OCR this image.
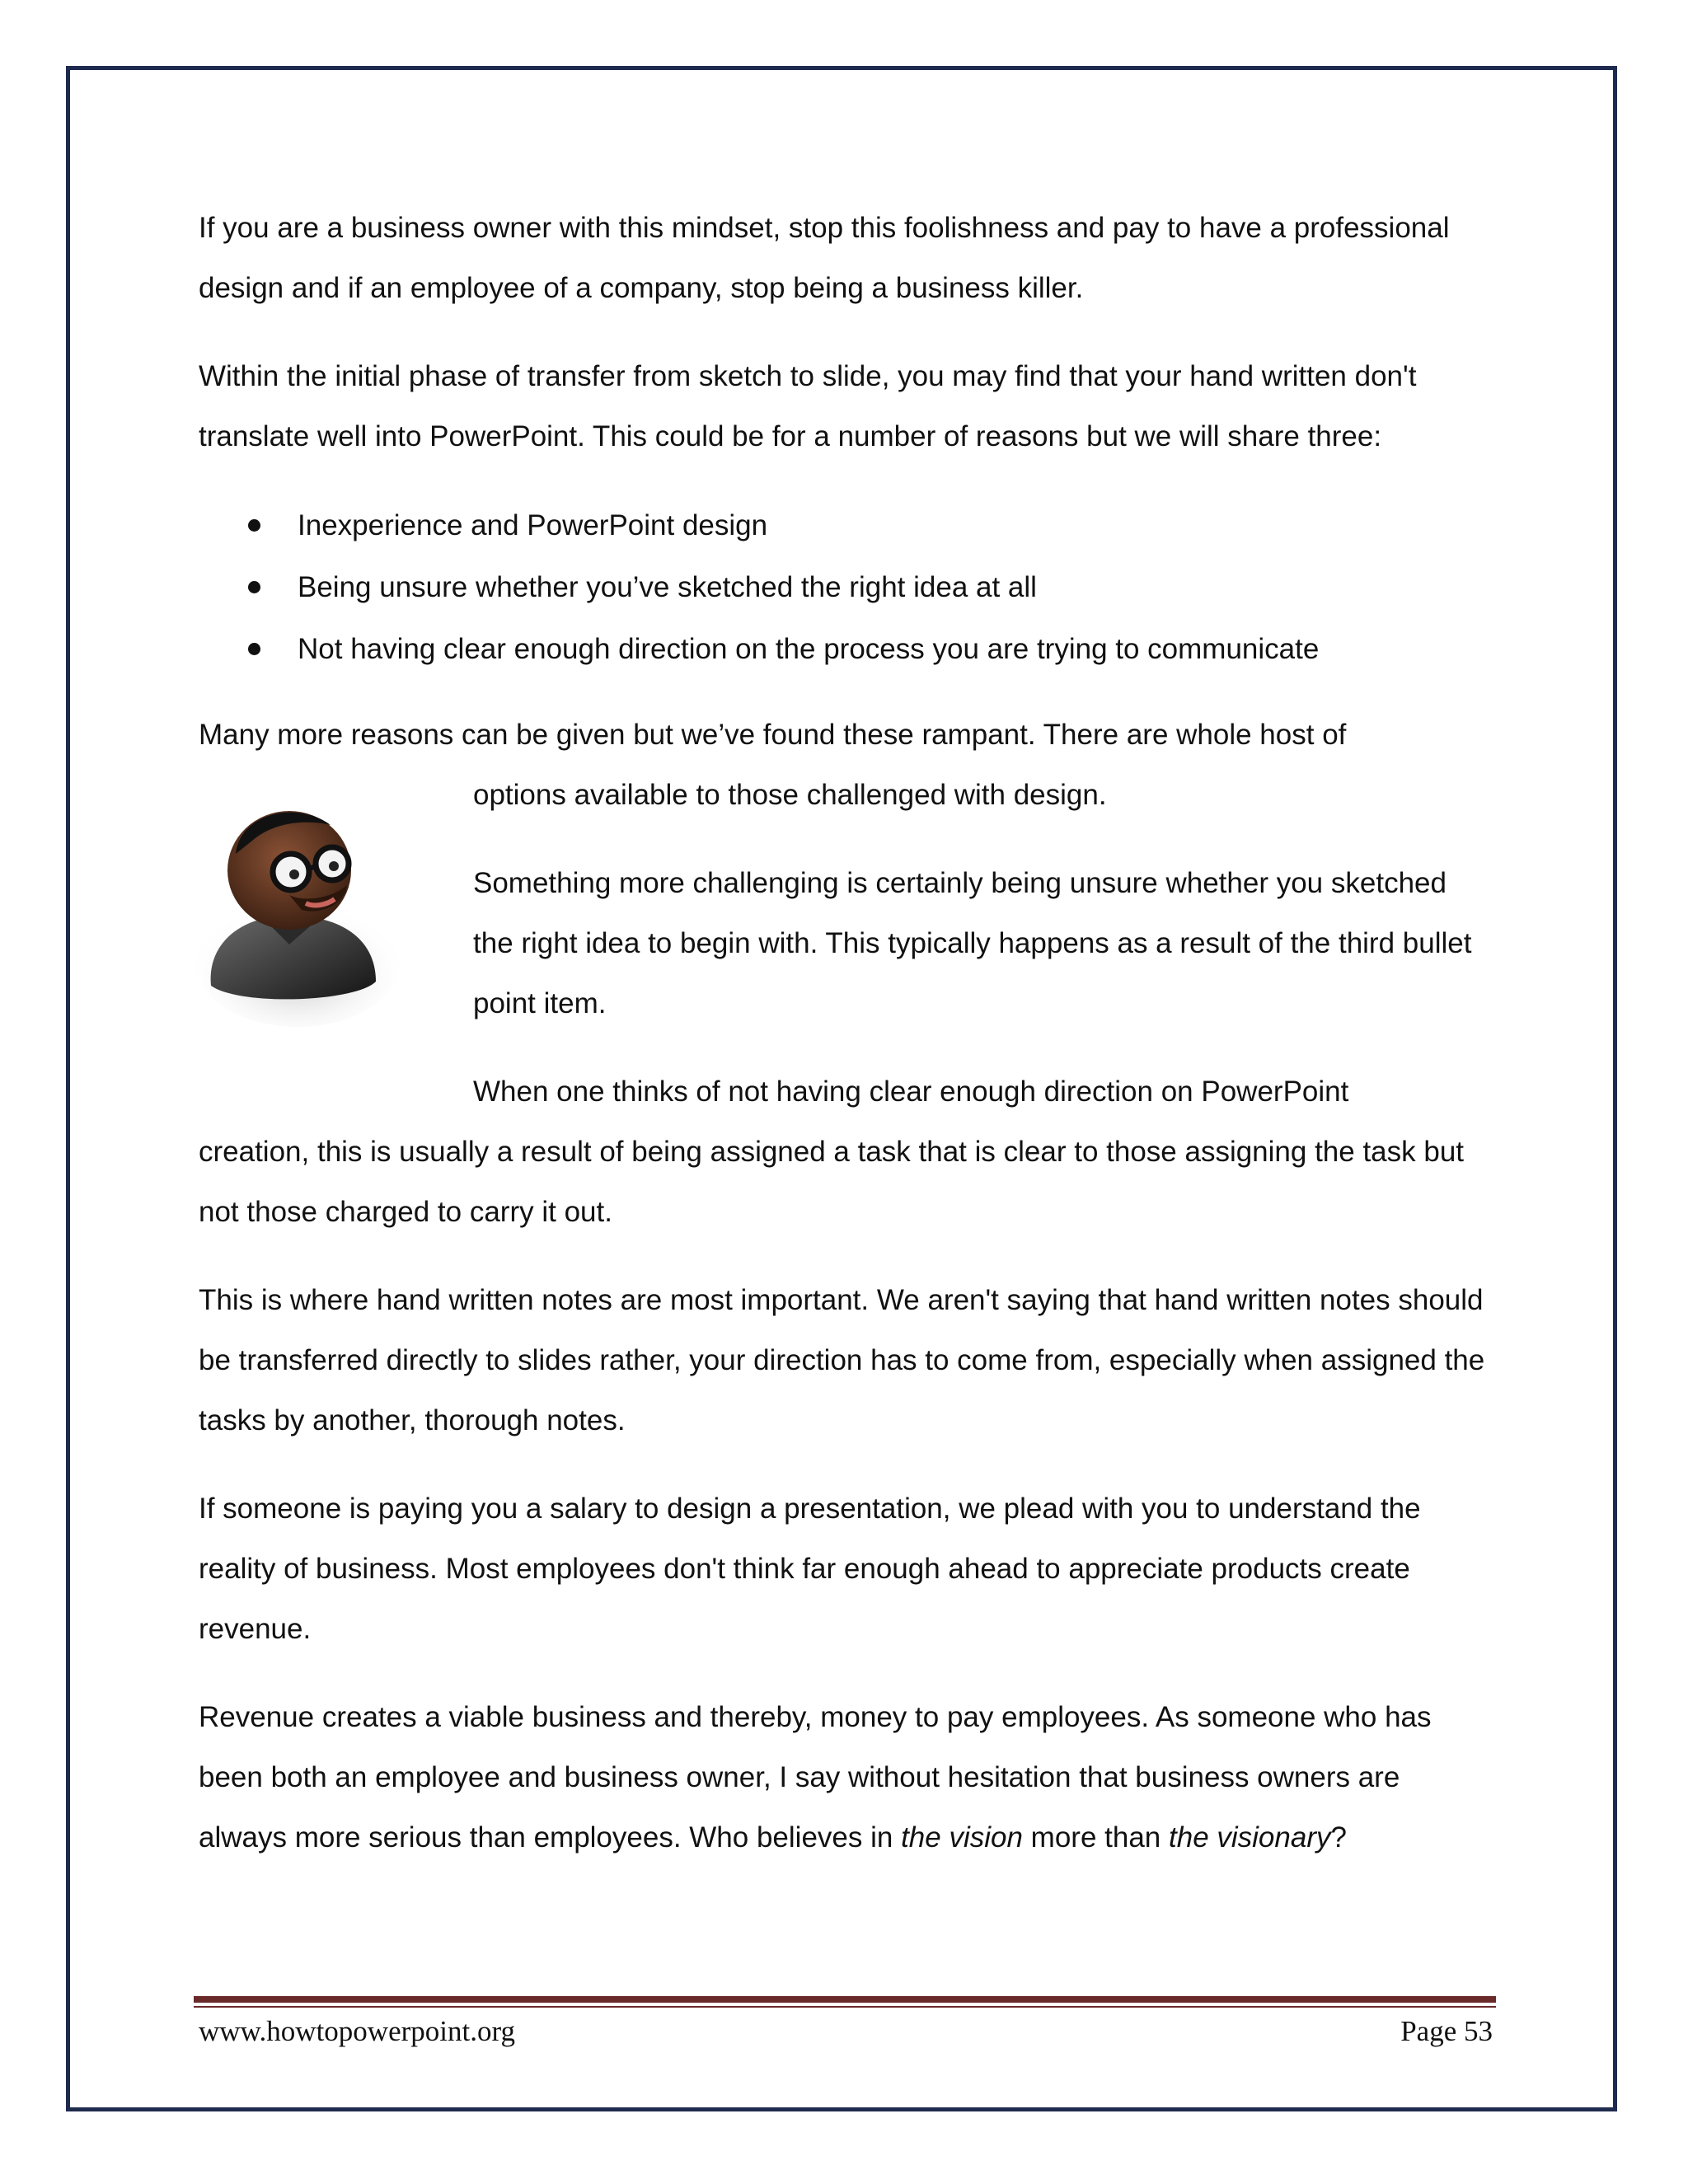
If you are a business owner with this mindset, stop this foolishness and pay to have a professional design and if an employee of a company, stop being a business killer.

Within the initial phase of transfer from sketch to slide, you may find that your hand written don't translate well into PowerPoint. This could be for a number of reasons but we will share three:

Inexperience and PowerPoint design
Being unsure whether you’ve sketched the right idea at all
Not having clear enough direction on the process you are trying to communicate
Many more reasons can be given but we’ve found these rampant. There are whole host of
options available to those challenged with design.

Something more challenging is certainly being unsure whether you sketched the right idea to begin with. This typically happens as a result of the third bullet point item.

When one thinks of not having clear enough direction on PowerPoint

creation, this is usually a result of being assigned a task that is clear to those assigning the task but not those charged to carry it out.

This is where hand written notes are most important. We aren't saying that hand written notes should be transferred directly to slides rather, your direction has to come from, especially when assigned the tasks by another, thorough notes.

If someone is paying you a salary to design a presentation, we plead with you to understand the reality of business. Most employees don't think far enough ahead to appreciate products create revenue.

Revenue creates a viable business and thereby, money to pay employees. As someone who has been both an employee and business owner, I say without hesitation that business owners are always more serious than employees. Who believes in the vision more than the visionary?

www.howtopowerpoint.org	Page 53
